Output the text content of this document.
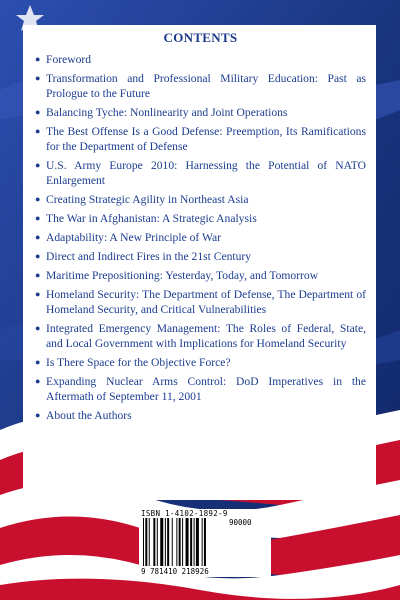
CONTENTS
● Foreword
● Transformation and Professional Military Education: Past as Prologue to the Future
● Balancing Tyche: Nonlinearity and Joint Operations
● The Best Offense Is a Good Defense: Preemption, Its Ramifications for the Department of Defense
● U.S. Army Europe 2010: Harnessing the Potential of NATO Enlargement
● Creating Strategic Agility in Northeast Asia
● The War in Afghanistan: A Strategic Analysis
● Adaptability: A New Principle of War
● Direct and Indirect Fires in the 21st Century
● Maritime Prepositioning: Yesterday, Today, and Tomorrow
● Homeland Security: The Department of Defense, The Department of Homeland Security, and Critical Vulnerabilities
● Integrated Emergency Management: The Roles of Federal, State, and Local Government with Implications for Homeland Security
● Is There Space for the Objective Force?
● Expanding Nuclear Arms Control: DoD Imperatives in the Aftermath of September 11, 2001
● About the Authors
ISBN 1-4102-1892-9
90000
9 781410 218926
